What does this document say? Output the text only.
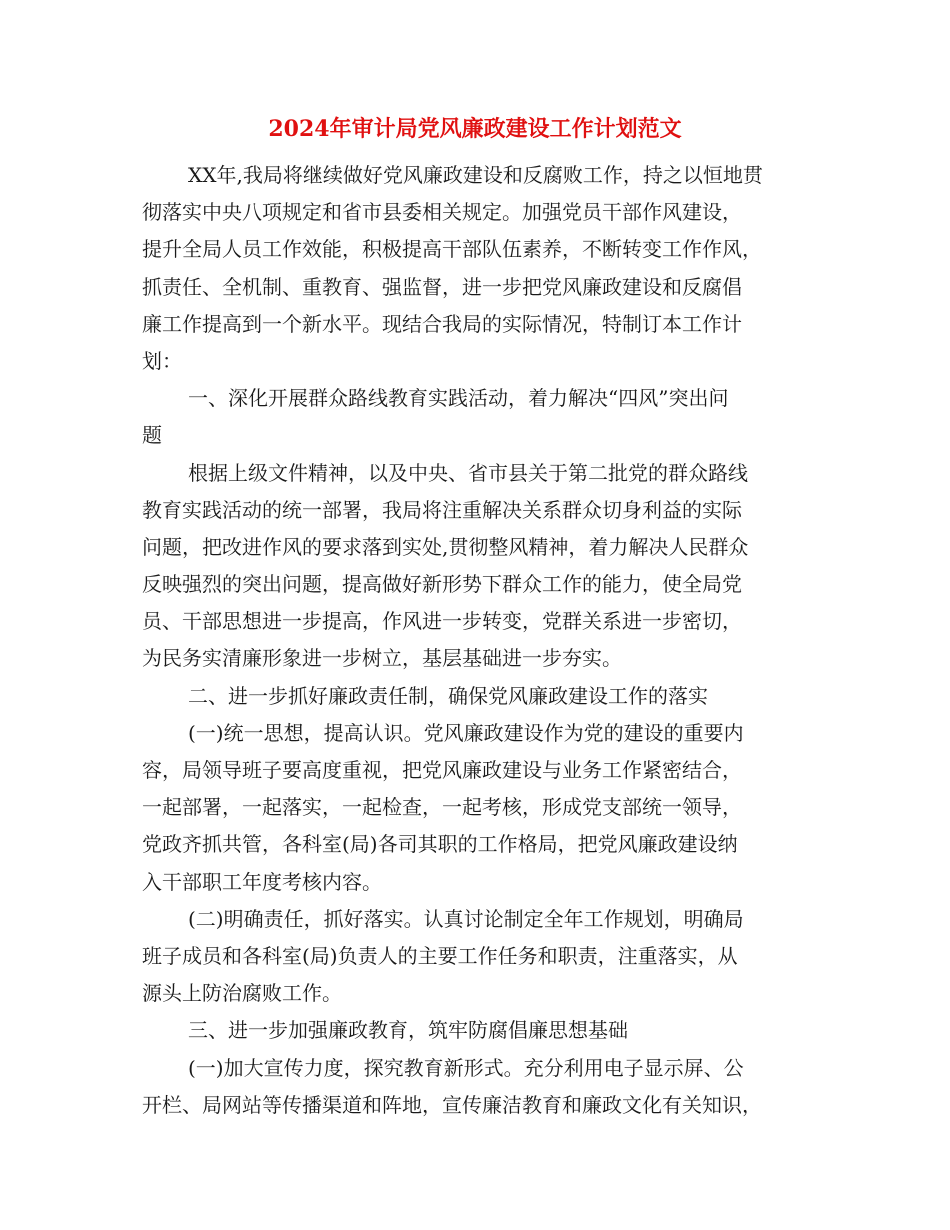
2024年审计局党风廉政建设工作计划范文
XX年,我局将继续做好党风廉政建设和反腐败工作，持之以恒地贯
彻落实中央八项规定和省市县委相关规定。加强党员干部作风建设，
提升全局人员工作效能，积极提高干部队伍素养，不断转变工作作风，
抓责任、全机制、重教育、强监督，进一步把党风廉政建设和反腐倡
廉工作提高到一个新水平。现结合我局的实际情况，特制订本工作计
划：
一、深化开展群众路线教育实践活动，着力解决“四风”突出问
题
根据上级文件精神，以及中央、省市县关于第二批党的群众路线
教育实践活动的统一部署，我局将注重解决关系群众切身利益的实际
问题，把改进作风的要求落到实处,贯彻整风精神，着力解决人民群众
反映强烈的突出问题，提高做好新形势下群众工作的能力，使全局党
员、干部思想进一步提高，作风进一步转变，党群关系进一步密切，
为民务实清廉形象进一步树立，基层基础进一步夯实。
二、进一步抓好廉政责任制，确保党风廉政建设工作的落实
(一)统一思想，提高认识。党风廉政建设作为党的建设的重要内
容，局领导班子要高度重视，把党风廉政建设与业务工作紧密结合，
一起部署，一起落实，一起检查，一起考核，形成党支部统一领导，
党政齐抓共管，各科室(局)各司其职的工作格局，把党风廉政建设纳
入干部职工年度考核内容。
(二)明确责任，抓好落实。认真讨论制定全年工作规划，明确局
班子成员和各科室(局)负责人的主要工作任务和职责，注重落实，从
源头上防治腐败工作。
三、进一步加强廉政教育，筑牢防腐倡廉思想基础
(一)加大宣传力度，探究教育新形式。充分利用电子显示屏、公
开栏、局网站等传播渠道和阵地，宣传廉洁教育和廉政文化有关知识，
